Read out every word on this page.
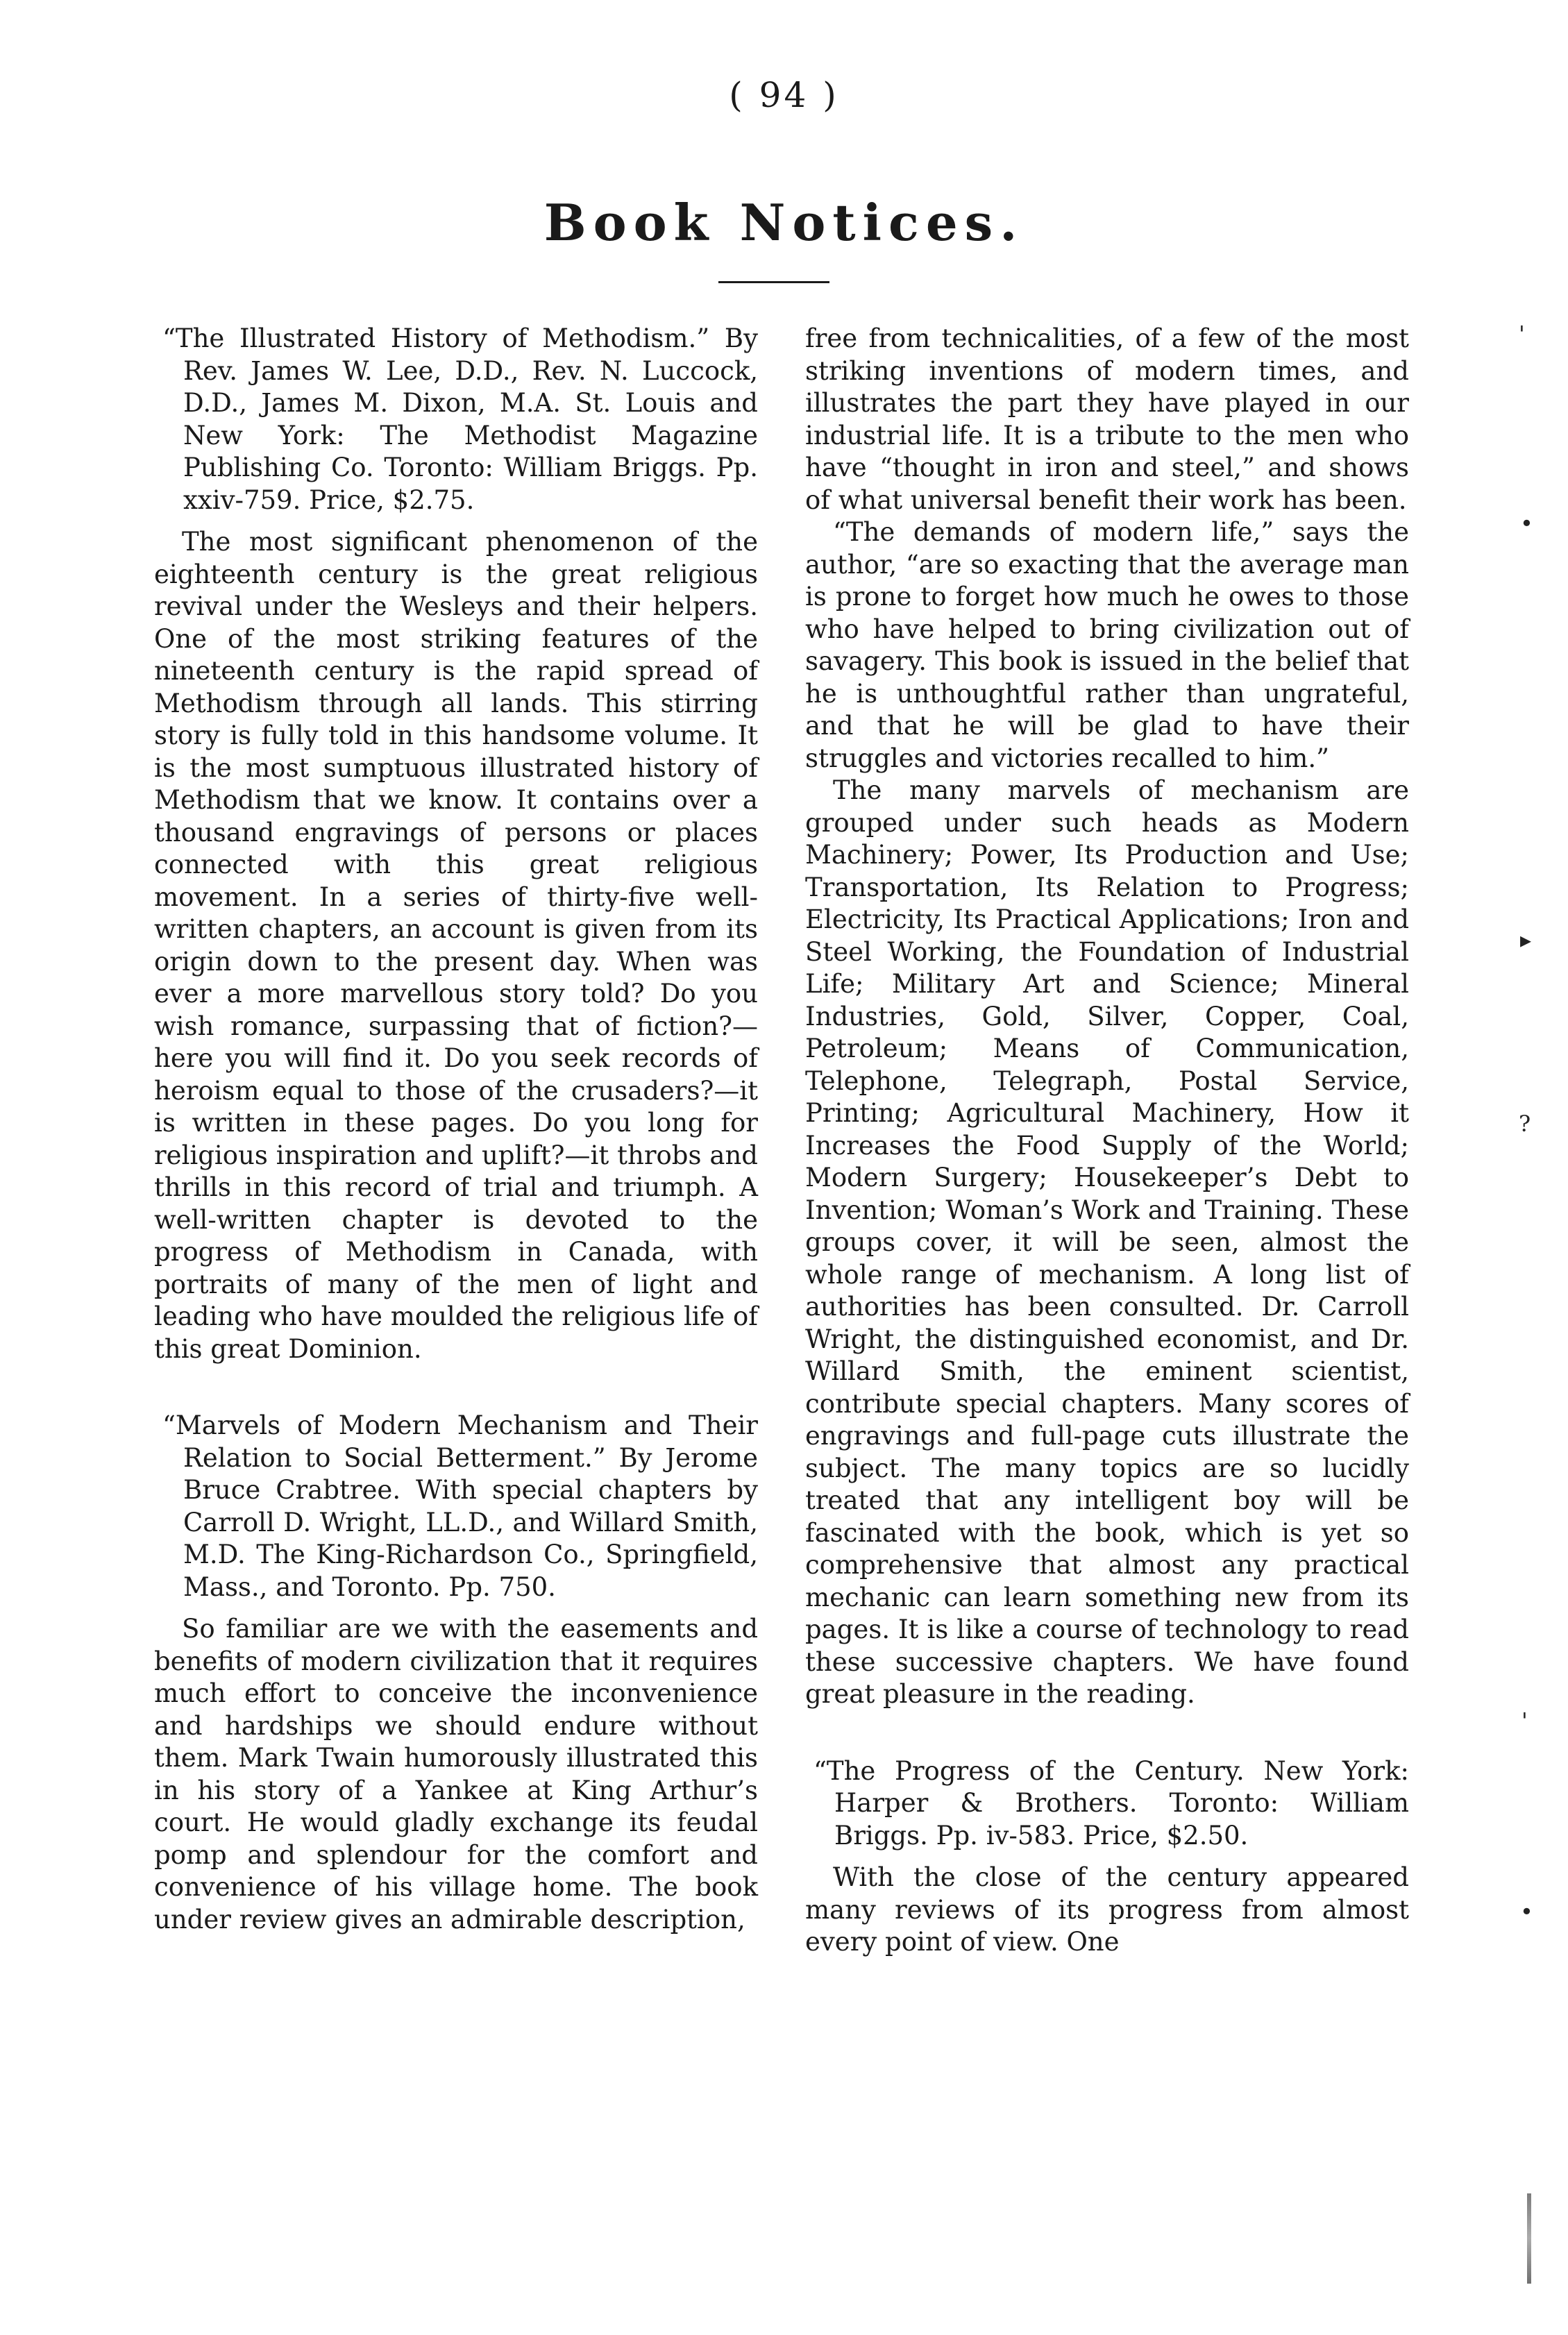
( 94 )
Book Notices.

“The Illustrated History of Methodism.” By Rev. James W. Lee, D.D., Rev. N. Luccock, D.D., James M. Dixon, M.A. St. Louis and New York: The Methodist Magazine Publishing Co. Toronto: William Briggs. Pp. xxiv-759. Price, $2.75.

The most significant phenomenon of the eighteenth century is the great religious revival under the Wesleys and their helpers. One of the most striking features of the nineteenth century is the rapid spread of Methodism through all lands. This stirring story is fully told in this handsome volume. It is the most sumptuous illustrated history of Methodism that we know. It contains over a thousand engravings of persons or places connected with this great religious movement. In a series of thirty-five well-written chapters, an account is given from its origin down to the present day. When was ever a more marvellous story told? Do you wish romance, surpassing that of fiction?—here you will find it. Do you seek records of heroism equal to those of the crusaders?—it is written in these pages. Do you long for religious inspiration and uplift?—it throbs and thrills in this record of trial and triumph. A well-written chapter is devoted to the progress of Methodism in Canada, with portraits of many of the men of light and leading who have moulded the religious life of this great Dominion.

“Marvels of Modern Mechanism and Their Relation to Social Betterment.” By Jerome Bruce Crabtree. With special chapters by Carroll D. Wright, LL.D., and Willard Smith, M.D. The King-Richardson Co., Springfield, Mass., and Toronto. Pp. 750.

So familiar are we with the easements and benefits of modern civilization that it requires much effort to conceive the inconvenience and hardships we should endure without them. Mark Twain humorously illustrated this in his story of a Yankee at King Arthur’s court. He would gladly exchange its feudal pomp and splendour for the comfort and convenience of his village home. The book under review gives an admirable description,

free from technicalities, of a few of the most striking inventions of modern times, and illustrates the part they have played in our industrial life. It is a tribute to the men who have “thought in iron and steel,” and shows of what universal benefit their work has been.

“The demands of modern life,” says the author, “are so exacting that the average man is prone to forget how much he owes to those who have helped to bring civilization out of savagery. This book is issued in the belief that he is unthoughtful rather than ungrateful, and that he will be glad to have their struggles and victories recalled to him.”

The many marvels of mechanism are grouped under such heads as Modern Machinery; Power, Its Production and Use; Transportation, Its Relation to Progress; Electricity, Its Practical Applications; Iron and Steel Working, the Foundation of Industrial Life; Military Art and Science; Mineral Industries, Gold, Silver, Copper, Coal, Petroleum; Means of Communication, Telephone, Telegraph, Postal Service, Printing; Agricultural Machinery, How it Increases the Food Supply of the World; Modern Surgery; Housekeeper’s Debt to Invention; Woman’s Work and Training. These groups cover, it will be seen, almost the whole range of mechanism. A long list of authorities has been consulted. Dr. Carroll Wright, the distinguished economist, and Dr. Willard Smith, the eminent scientist, contribute special chapters. Many scores of engravings and full-page cuts illustrate the subject. The many topics are so lucidly treated that any intelligent boy will be fascinated with the book, which is yet so comprehensive that almost any practical mechanic can learn something new from its pages. It is like a course of technology to read these successive chapters. We have found great pleasure in the reading.

“The Progress of the Century. New York: Harper & Brothers. Toronto: William Briggs. Pp. iv-583. Price, $2.50.

With the close of the century appeared many reviews of its progress from almost every point of view. One

'
•
▸
?
'
•
